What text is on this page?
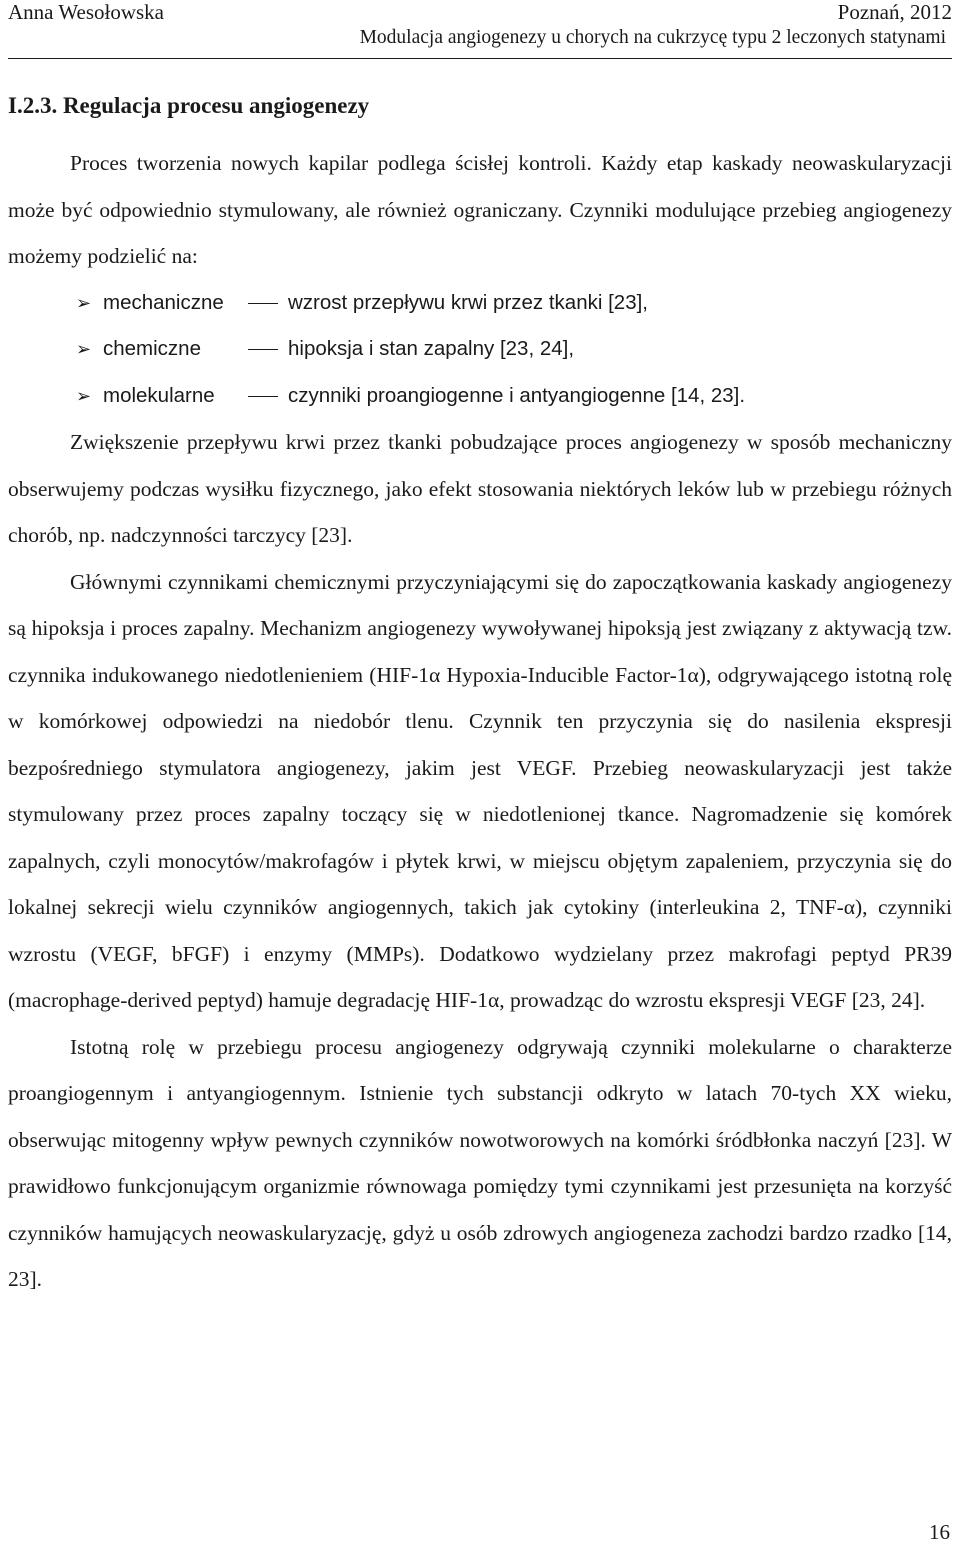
Anna Wesołowska	Poznań, 2012
Modulacja angiogenezy u chorych na cukrzycę typu 2 leczonych statynami
I.2.3. Regulacja procesu angiogenezy

Proces tworzenia nowych kapilar podlega ścisłej kontroli. Każdy etap kaskady neowaskularyzacji może być odpowiednio stymulowany, ale również ograniczany. Czynniki modulujące przebieg angiogenezy możemy podzielić na:

➢ mechaniczne	wzrost przepływu krwi przez tkanki [23],
➢ chemiczne	hipoksja i stan zapalny [23, 24],
➢ molekularne	czynniki proangiogenne i antyangiogenne [14, 23].

Zwiększenie przepływu krwi przez tkanki pobudzające proces angiogenezy w sposób mechaniczny obserwujemy podczas wysiłku fizycznego, jako efekt stosowania niektórych leków lub w przebiegu różnych chorób, np. nadczynności tarczycy [23].

Głównymi czynnikami chemicznymi przyczyniającymi się do zapoczątkowania kaskady angiogenezy są hipoksja i proces zapalny. Mechanizm angiogenezy wywoływanej hipoksją jest związany z aktywacją tzw. czynnika indukowanego niedotlenieniem (HIF-1α Hypoxia-Inducible Factor-1α), odgrywającego istotną rolę w komórkowej odpowiedzi na niedobór tlenu. Czynnik ten przyczynia się do nasilenia ekspresji bezpośredniego stymulatora angiogenezy, jakim jest VEGF. Przebieg neowaskularyzacji jest także stymulowany przez proces zapalny toczący się w niedotlenionej tkance. Nagromadzenie się komórek zapalnych, czyli monocytów/makrofagów i płytek krwi, w miejscu objętym zapaleniem, przyczynia się do lokalnej sekrecji wielu czynników angiogennych, takich jak cytokiny (interleukina 2, TNF-α), czynniki wzrostu (VEGF, bFGF) i enzymy (MMPs). Dodatkowo wydzielany przez makrofagi peptyd PR39 (macrophage-derived peptyd) hamuje degradację HIF-1α, prowadząc do wzrostu ekspresji VEGF [23, 24].

Istotną rolę w przebiegu procesu angiogenezy odgrywają czynniki molekularne o charakterze proangiogennym i antyangiogennym. Istnienie tych substancji odkryto w latach 70-tych XX wieku, obserwując mitogenny wpływ pewnych czynników nowotworowych na komórki śródbłonka naczyń [23]. W prawidłowo funkcjonującym organizmie równowaga pomiędzy tymi czynnikami jest przesunięta na korzyść czynników hamujących neowaskularyzację, gdyż u osób zdrowych angiogeneza zachodzi bardzo rzadko [14, 23].

16
